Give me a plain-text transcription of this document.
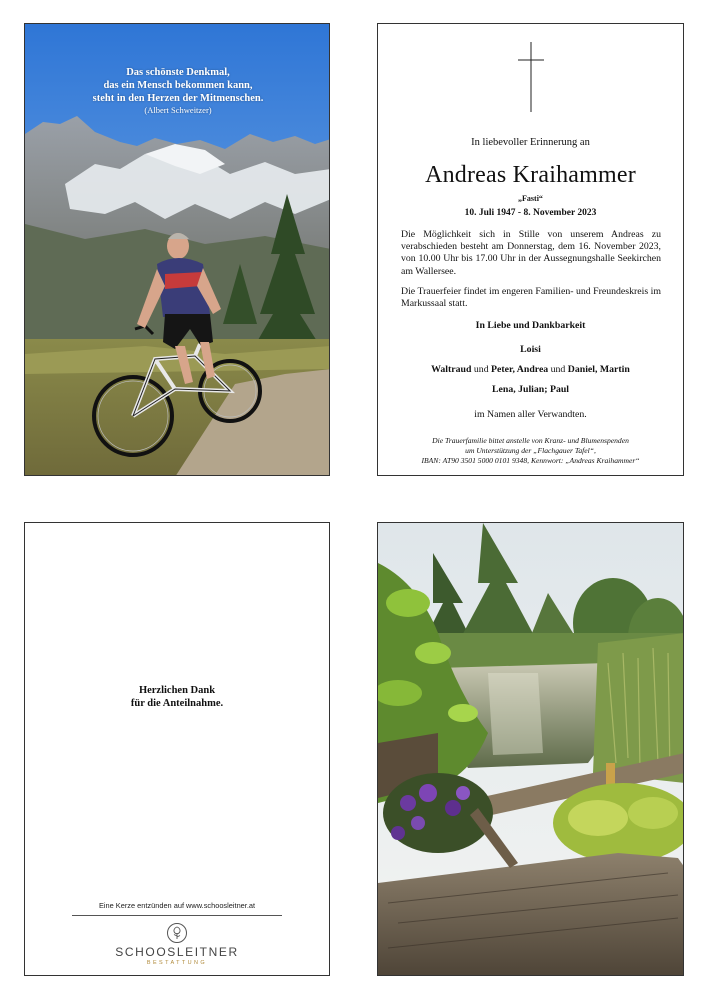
Das schönste Denkmal,
das ein Mensch bekommen kann,
steht in den Herzen der Mitmenschen.
(Albert Schweitzer)
In liebevoller Erinnerung an
Andreas Kraihammer
„Fasti“
10. Juli 1947 - 8. November 2023
Die Möglichkeit sich in Stille von unserem Andreas zu verabschieden besteht am Donnerstag, dem 16. November 2023, von 10.00 Uhr bis 17.00 Uhr in der Aussegnungshalle Seekirchen am Wallersee.
Die Trauerfeier findet im engeren Familien- und Freundeskreis im Markussaal statt.
In Liebe und Dankbarkeit
Loisi
Waltraud und Peter, Andrea und Daniel, Martin
Lena, Julian; Paul
im Namen aller Verwandten.
Die Trauerfamilie bittet anstelle von Kranz- und Blumenspenden
um Unterstützung der „Flachgauer Tafel“,
IBAN: AT90 3501 5000 0101 9348, Kennwort: „Andreas Kraihammer“
Herzlichen Dank
für die Anteilnahme.
Eine Kerze entzünden auf www.schoosleitner.at
SCHOOSLEITNER
BESTATTUNG
